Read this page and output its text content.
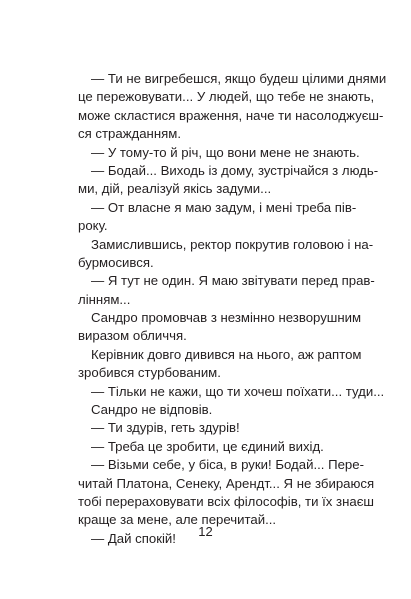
— Ти не вигребешся, якщо будеш цілими днями
це пережовувати... У людей, що тебе не знають,
може скластися враження, наче ти насолоджуєш-
ся стражданням.
— У тому-то й річ, що вони мене не знають.
— Бодай... Виходь із дому, зустрічайся з людь-
ми, дій, реалізуй якісь задуми...
— От власне я маю задум, і мені треба пів-
року.
Замислившись, ректор покрутив головою і на-
бурмосився.
— Я тут не один. Я маю звітувати перед прав-
лінням...
Сандро промовчав з незмінно незворушним
виразом обличчя.
Керівник довго дивився на нього, аж раптом
зробився стурбованим.
— Тільки не кажи, що ти хочеш поїхати... туди...
Сандро не відповів.
— Ти здурів, геть здурів!
— Треба це зробити, це єдиний вихід.
— Візьми себе, у біса, в руки! Бодай... Пере-
читай Платона, Сенеку, Арендт... Я не збираюся
тобі перераховувати всіх філософів, ти їх знаєш
краще за мене, але перечитай...
— Дай спокій!	12
